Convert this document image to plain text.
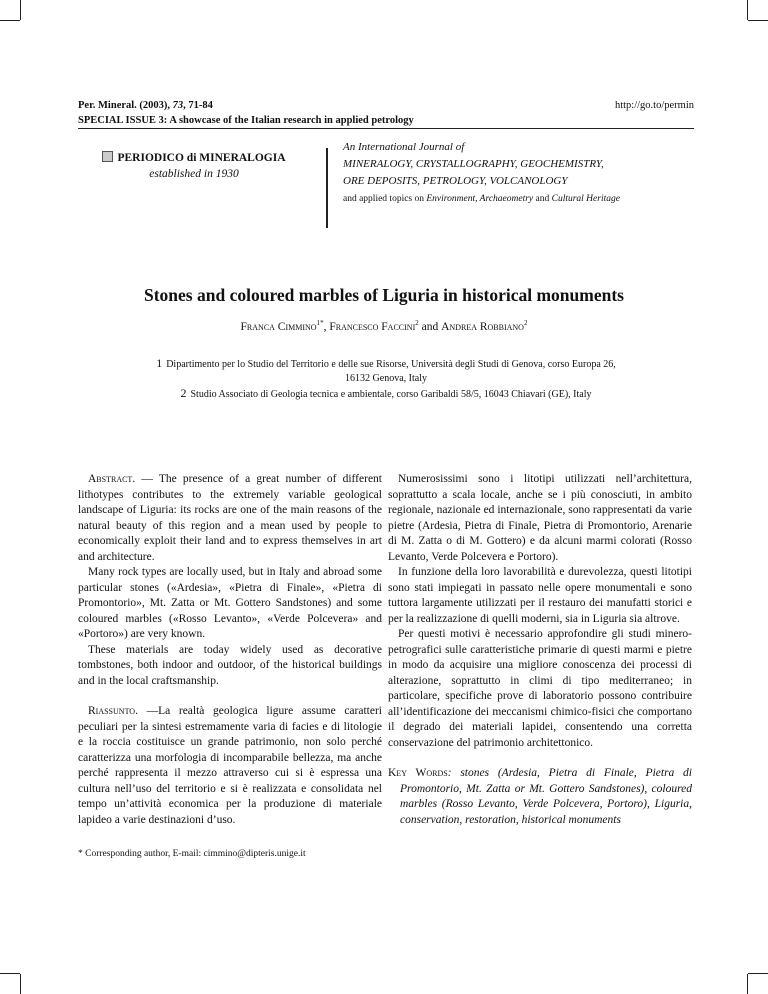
Per. Mineral. (2003), 73, 71-84
SPECIAL ISSUE 3: A showcase of the Italian research in applied petrology
http://go.to/permin
PERIODICO di MINERALOGIA
established in 1930
An International Journal of
MINERALOGY, CRYSTALLOGRAPHY, GEOCHEMISTRY,
ORE DEPOSITS, PETROLOGY, VOLCANOLOGY
and applied topics on Environment, Archaeometry and Cultural Heritage
Stones and coloured marbles of Liguria in historical monuments
Franca Cimmino$^{1*}$, Francesco Faccini$^2$ and Andrea Robbiano$^2$
1 Dipartimento per lo Studio del Territorio e delle sue Risorse, Università degli Studi di Genova, corso Europa 26,
16132 Genova, Italy
2 Studio Associato di Geologia tecnica e ambientale, corso Garibaldi 58/5, 16043 Chiavari (GE), Italy

Abstract. — The presence of a great number of different lithotypes contributes to the extremely variable geological landscape of Liguria: its rocks are one of the main reasons of the natural beauty of this region and a mean used by people to economically exploit their land and to express themselves in art and architecture.

Many rock types are locally used, but in Italy and abroad some particular stones («Ardesia», «Pietra di Finale», «Pietra di Promontorio», Mt. Zatta or Mt. Gottero Sandstones) and some coloured marbles («Rosso Levanto», «Verde Polcevera» and «Portoro») are very known.

These materials are today widely used as decorative tombstones, both indoor and outdoor, of the historical buildings and in the local craftsmanship.

Riassunto. —La realtà geologica ligure assume caratteri peculiari per la sintesi estremamente varia di facies e di litologie e la roccia costituisce un grande patrimonio, non solo perché caratterizza una morfologia di incomparabile bellezza, ma anche perché rappresenta il mezzo attraverso cui si è espressa una cultura nell’uso del territorio e si è realizzata e consolidata nel tempo un’attività economica per la produzione di materiale lapideo a varie destinazioni d’uso.

* Corresponding author, E-mail: cimmino@dipteris.unige.it

Numerosissimi sono i litotipi utilizzati nell’architettura, soprattutto a scala locale, anche se i più conosciuti, in ambito regionale, nazionale ed internazionale, sono rappresentati da varie pietre (Ardesia, Pietra di Finale, Pietra di Promontorio, Arenarie di M. Zatta o di M. Gottero) e da alcuni marmi colorati (Rosso Levanto, Verde Polcevera e Portoro).

In funzione della loro lavorabilità e durevolezza, questi litotipi sono stati impiegati in passato nelle opere monumentali e sono tuttora largamente utilizzati per il restauro dei manufatti storici e per la realizzazione di quelli moderni, sia in Liguria sia altrove.

Per questi motivi è necessario approfondire gli studi minero-petrografici sulle caratteristiche primarie di questi marmi e pietre in modo da acquisire una migliore conoscenza dei processi di alterazione, soprattutto in climi di tipo mediterraneo; in particolare, specifiche prove di laboratorio possono contribuire all’identificazione dei meccanismi chimico-fisici che comportano il degrado dei materiali lapidei, consentendo una corretta conservazione del patrimonio architettonico.

Key Words: stones (Ardesia, Pietra di Finale, Pietra di Promontorio, Mt. Zatta or Mt. Gottero Sandstones), coloured marbles (Rosso Levanto, Verde Polcevera, Portoro), Liguria, conservation, restoration, historical monuments
